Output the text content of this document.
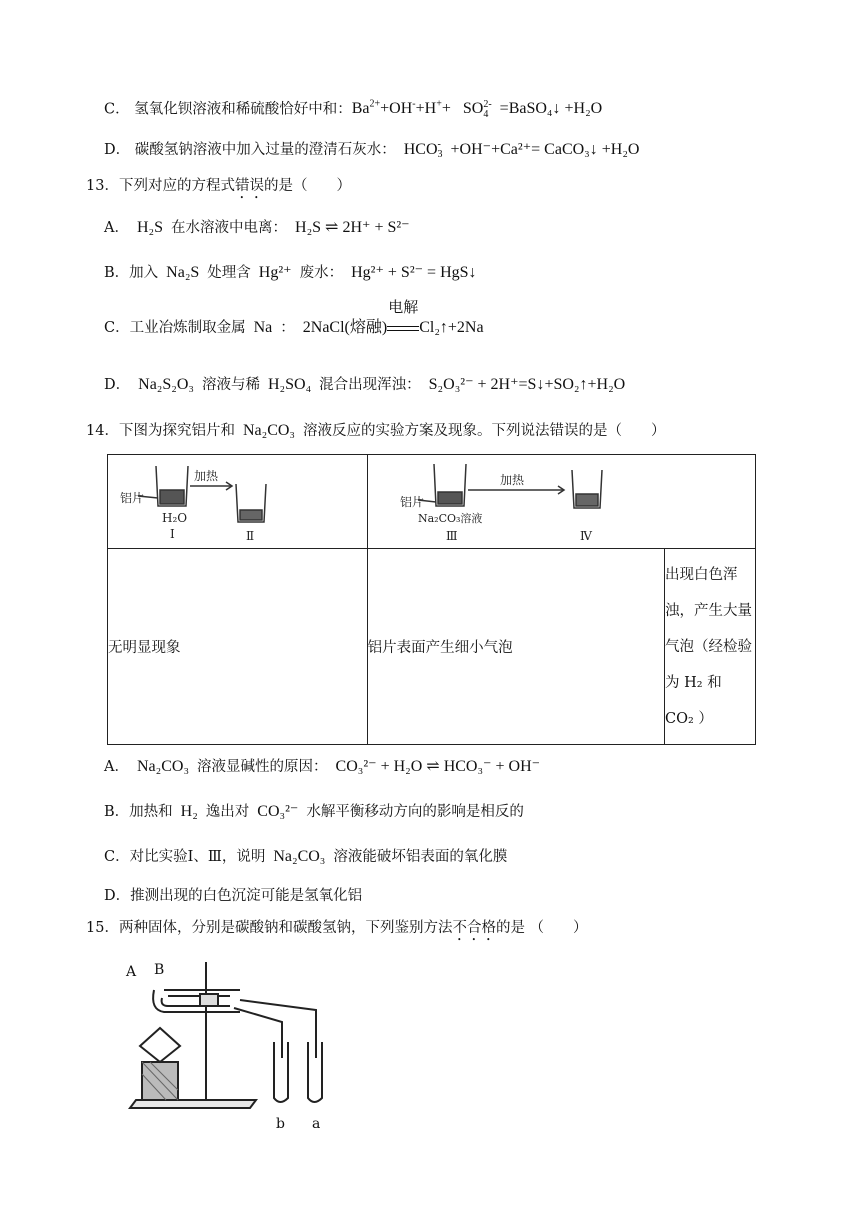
C． 氢氧化钡溶液和稀硫酸恰好中和：$Ba^{2+}+OH^-+H^++ SO2-$
4 =BaSO₄↓ +H₂O
D． 碳酸氢钠溶液中加入过量的澄清石灰水： HCO-
3 +OH⁻+Ca²⁺= CaCO₃↓ +H₂O
13．下列对应的方程式错误的是（　　）
A． H₂S 在水溶液中电离： H₂S ⇌ 2H⁺ + S²⁻
B．加入 Na₂S 处理含 Hg²⁺ 废水： Hg²⁺ + S²⁻ = HgS↓
C．工业冶炼制取金属 Na ： 2NaCl(熔融)
电解
Cl₂↑+2Na
D． Na₂S₂O₃ 溶液与稀 H₂SO₄ 混合出现浑浊： S₂O₃²⁻ + 2H⁺=S↓+SO₂↑+H₂O
14．下图为探究铝片和 Na₂CO₃ 溶液反应的实验方案及现象。下列说法错误的是（　　）
加热
铝片
H₂O
Ⅰ Ⅱ	加热
铝片
Na₂CO₃溶液
Ⅲ Ⅳ	

无明显现象	铝片表面产生细小气泡	出现白色浑
浊，产生大量
气泡（经检验
为 H₂ 和
CO₂ ）
A． Na₂CO₃ 溶液显碱性的原因： CO₃²⁻ + H₂O ⇌ HCO₃⁻ + OH⁻
B．加热和 H₂ 逸出对 CO₃²⁻ 水解平衡移动方向的影响是相反的
C．对比实验Ⅰ、Ⅲ，说明 Na₂CO₃ 溶液能破坏铝表面的氧化膜
D．推测出现的白色沉淀可能是氢氧化铝
15．两种固体，分别是碳酸钠和碳酸氢钠，下列鉴别方法不合格的是 （　　）
A B
b a
